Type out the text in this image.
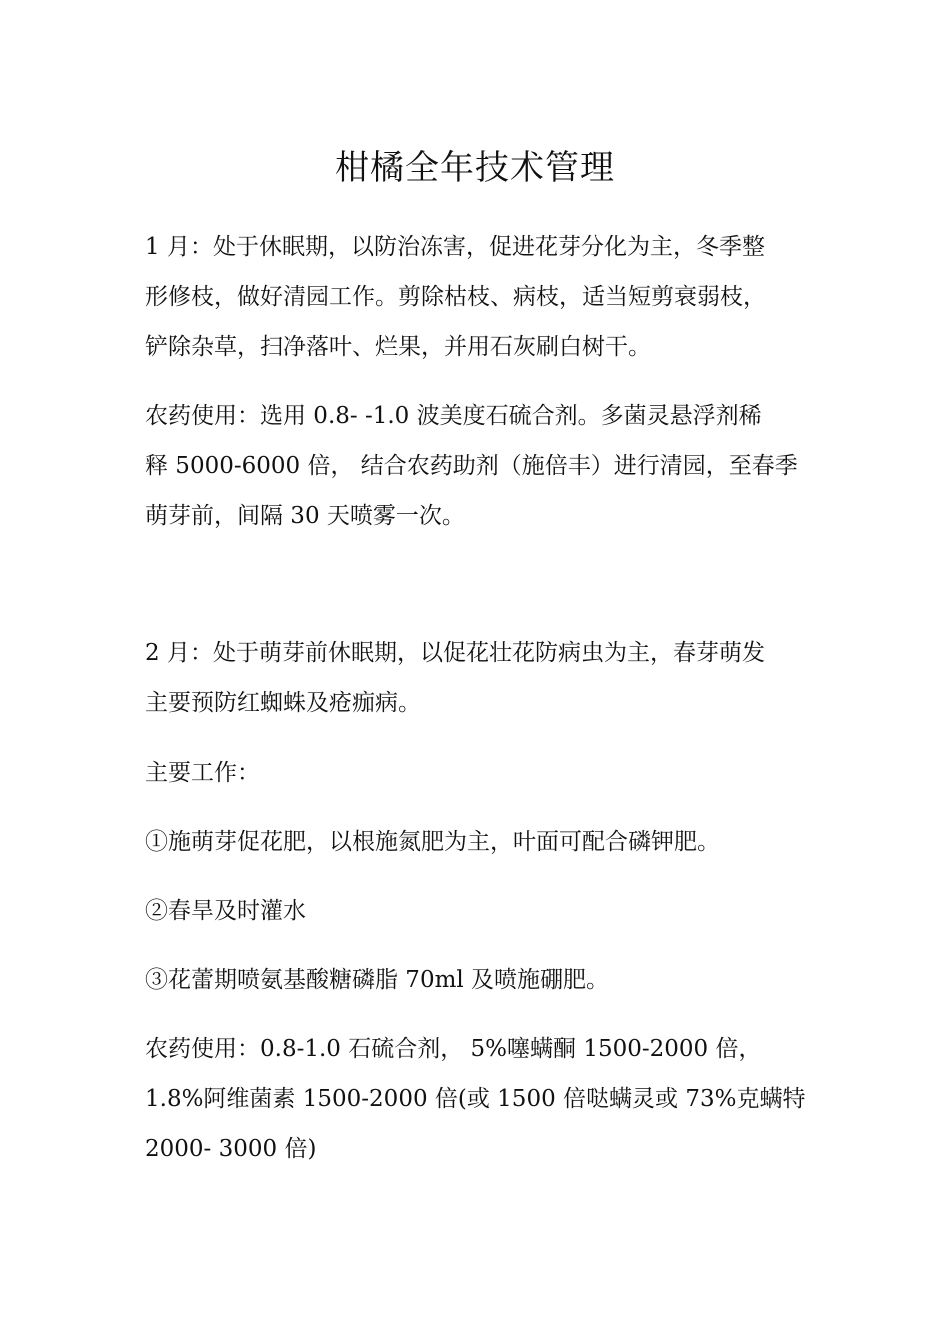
柑橘全年技术管理
1 月：处于休眠期，以防治冻害，促进花芽分化为主，冬季整
形修枝，做好清园工作。剪除枯枝、病枝，适当短剪衰弱枝，
铲除杂草，扫净落叶、烂果，并用石灰刷白树干。
农药使用：选用 0.8- -1.0 波美度石硫合剂。多菌灵悬浮剂稀
释 5000-6000 倍， 结合农药助剂（施倍丰）进行清园，至春季
萌芽前，间隔 30 天喷雾一次。
2 月：处于萌芽前休眠期，以促花壮花防病虫为主，春芽萌发
主要预防红蜘蛛及疮痂病。
主要工作：
①施萌芽促花肥，以根施氮肥为主，叶面可配合磷钾肥。
②春旱及时灌水
③花蕾期喷氨基酸糖磷脂 70ml 及喷施硼肥。
农药使用：0.8-1.0 石硫合剂， 5%噻螨酮 1500-2000 倍，
1.8%阿维菌素 1500-2000 倍(或 1500 倍哒螨灵或 73%克螨特
2000- 3000 倍)
